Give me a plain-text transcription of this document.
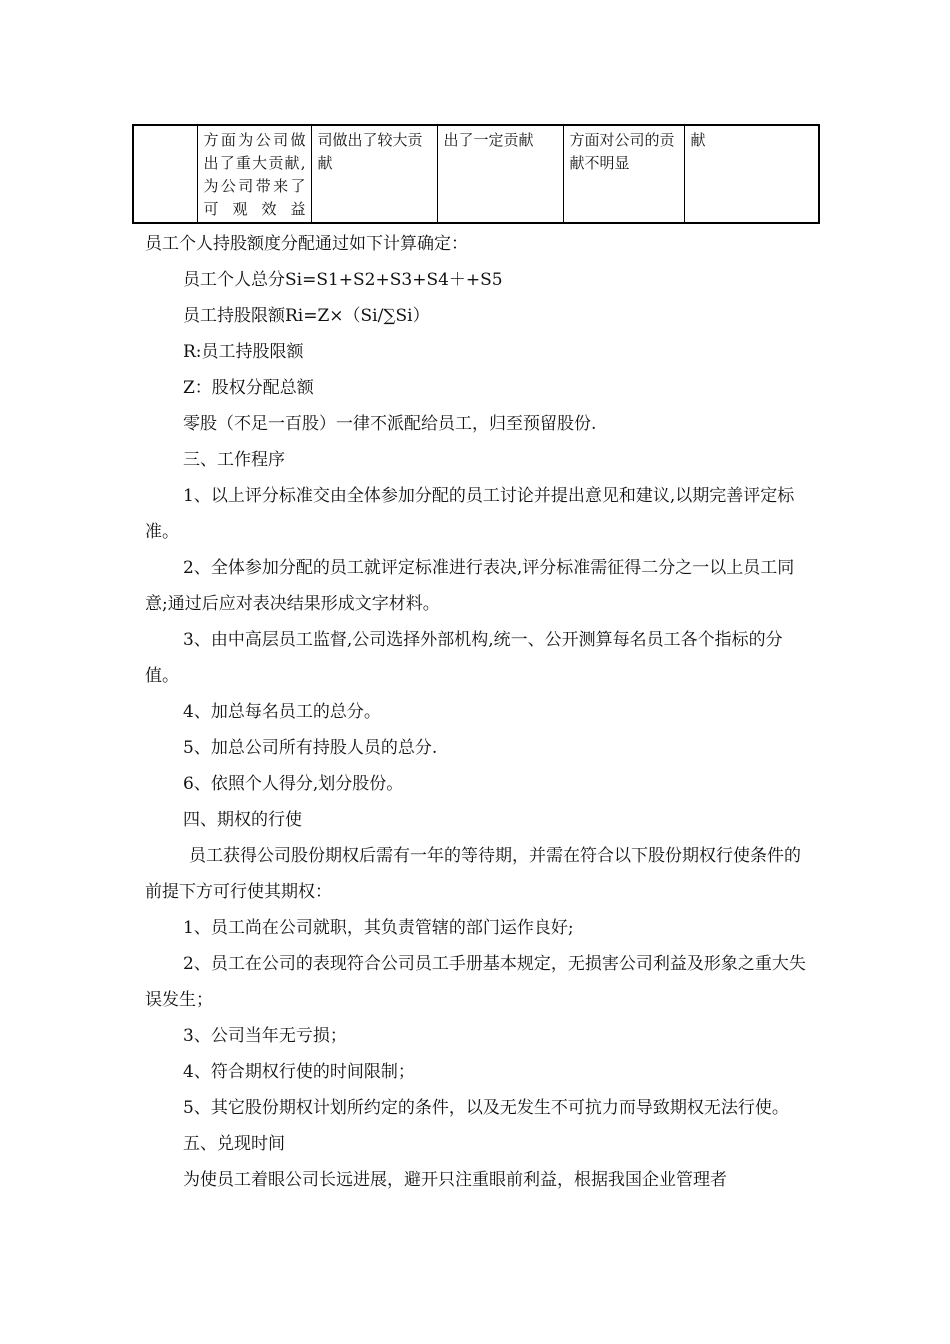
	方面为公司做出了重大贡献,为公司带来了可观效益	司做出了较大贡献	出了一定贡献	方面对公司的贡献不明显	献

员工个人持股额度分配通过如下计算确定：

员工个人总分Si=S1+S2+S3+S4＋+S5

员工持股限额Ri=Z×（Si/∑Si）

R:员工持股限额

Z：股权分配总额

零股（不足一百股）一律不派配给员工，归至预留股份.

三、工作程序

1、以上评分标准交由全体参加分配的员工讨论并提出意见和建议,以期完善评定标准。

2、全体参加分配的员工就评定标准进行表决,评分标准需征得二分之一以上员工同意;通过后应对表决结果形成文字材料。

3、由中高层员工监督,公司选择外部机构,统一、公开测算每名员工各个指标的分值。

4、加总每名员工的总分。

5、加总公司所有持股人员的总分.

6、依照个人得分,划分股份。

四、期权的行使

员工获得公司股份期权后需有一年的等待期，并需在符合以下股份期权行使条件的前提下方可行使其期权：

1、员工尚在公司就职，其负责管辖的部门运作良好;

2、员工在公司的表现符合公司员工手册基本规定，无损害公司利益及形象之重大失误发生；

3、公司当年无亏损；

4、符合期权行使的时间限制；

5、其它股份期权计划所约定的条件，以及无发生不可抗力而导致期权无法行使。

五、兑现时间

为使员工着眼公司长远进展，避开只注重眼前利益，根据我国企业管理者
